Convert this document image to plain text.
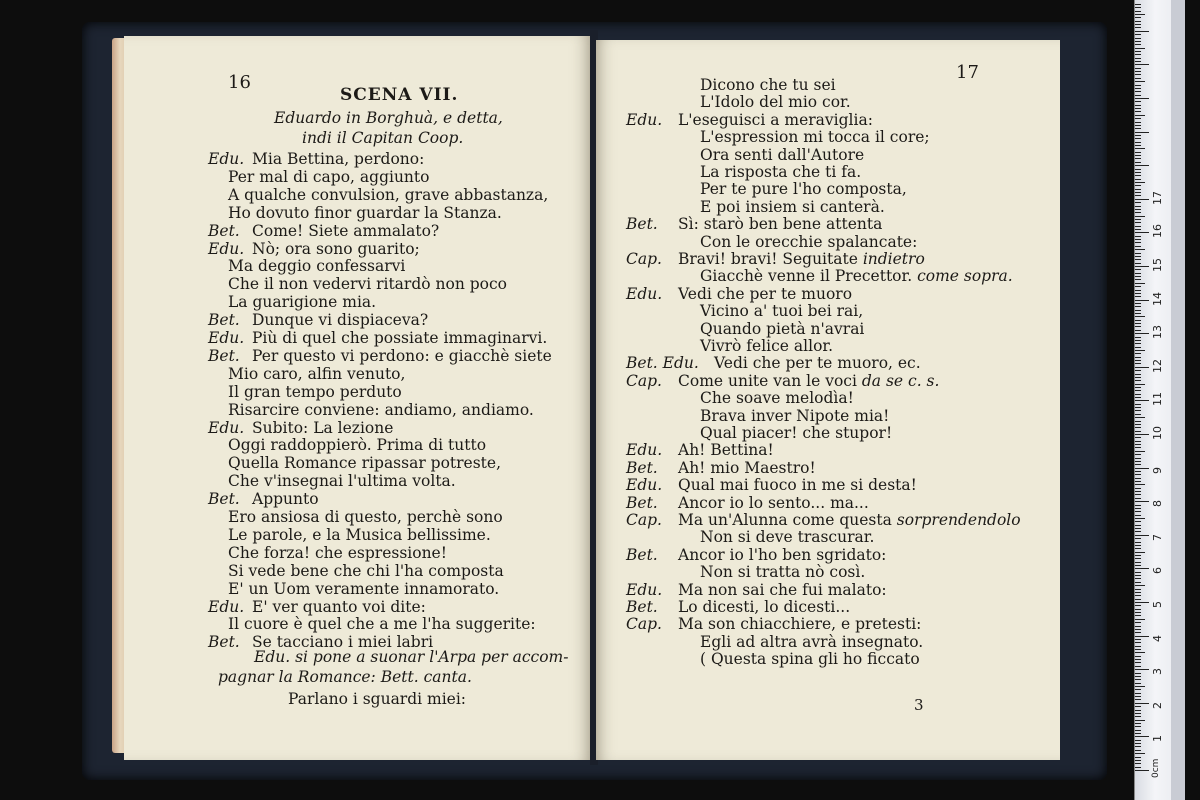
16
SCENA VII.
Eduardo in Borghuà, e detta,
indi il Capitan Coop.
Edu. Mia Bettina, perdono:
Per mal di capo, aggiunto
A qualche convulsion, grave abbastanza,
Ho dovuto finor guardar la Stanza.
Bet. Come! Siete ammalato?
Edu. Nò; ora sono guarito;
Ma deggio confessarvi
Che il non vedervi ritardò non poco
La guarigione mia.
Bet. Dunque vi dispiaceva?
Edu. Più di quel che possiate immaginarvi.
Bet. Per questo vi perdono: e giacchè siete
Mio caro, alfin venuto,
Il gran tempo perduto
Risarcire conviene: andiamo, andiamo.
Edu. Subito: La lezione
Oggi raddoppierò. Prima di tutto
Quella Romance ripassar potreste,
Che v'insegnai l'ultima volta.
Bet. Appunto
Ero ansiosa di questo, perchè sono
Le parole, e la Musica bellissime.
Che forza! che espressione!
Si vede bene che chi l'ha composta
E' un Uom veramente innamorato.
Edu. E' ver quanto voi dite:
Il cuore è quel che a me l'ha suggerite:
Bet. Se tacciano i miei labri
Edu. si pone a suonar l'Arpa per accom-
pagnar la Romance: Bett. canta.
Parlano i sguardi miei:
17
Dicono che tu sei
L'Idolo del mio cor.
Edu. L'eseguisci a meraviglia:
L'espression mi tocca il core;
Ora senti dall'Autore
La risposta che ti fa.
Per te pure l'ho composta,
E poi insiem si canterà.
Bet. Sì: starò ben bene attenta
Con le orecchie spalancate:
Cap. Bravi! bravi! Seguitate indietro
Giacchè venne il Precettor. come sopra.
Edu. Vedi che per te muoro
Vicino a' tuoi bei rai,
Quando pietà n'avrai
Vivrò felice allor.
Bet. Edu. Vedi che per te muoro, ec.
Cap. Come unite van le voci da se c. s.
Che soave melodìa!
Brava inver Nipote mia!
Qual piacer! che stupor!
Edu. Ah! Bettina!
Bet. Ah! mio Maestro!
Edu. Qual mai fuoco in me si desta!
Bet. Ancor io lo sento... ma...
Cap. Ma un'Alunna come questa sorprendendolo
Non si deve trascurar.
Bet. Ancor io l'ho ben sgridato:
Non si tratta nò così.
Edu. Ma non sai che fui malato:
Bet. Lo dicesti, lo dicesti...
Cap. Ma son chiacchiere, e pretesti:
Egli ad altra avrà insegnato.
( Questa spina gli ho ficcato
3
0cm
1
2
3
4
5
6
7
8
9
10
11
12
13
14
15
16
17
